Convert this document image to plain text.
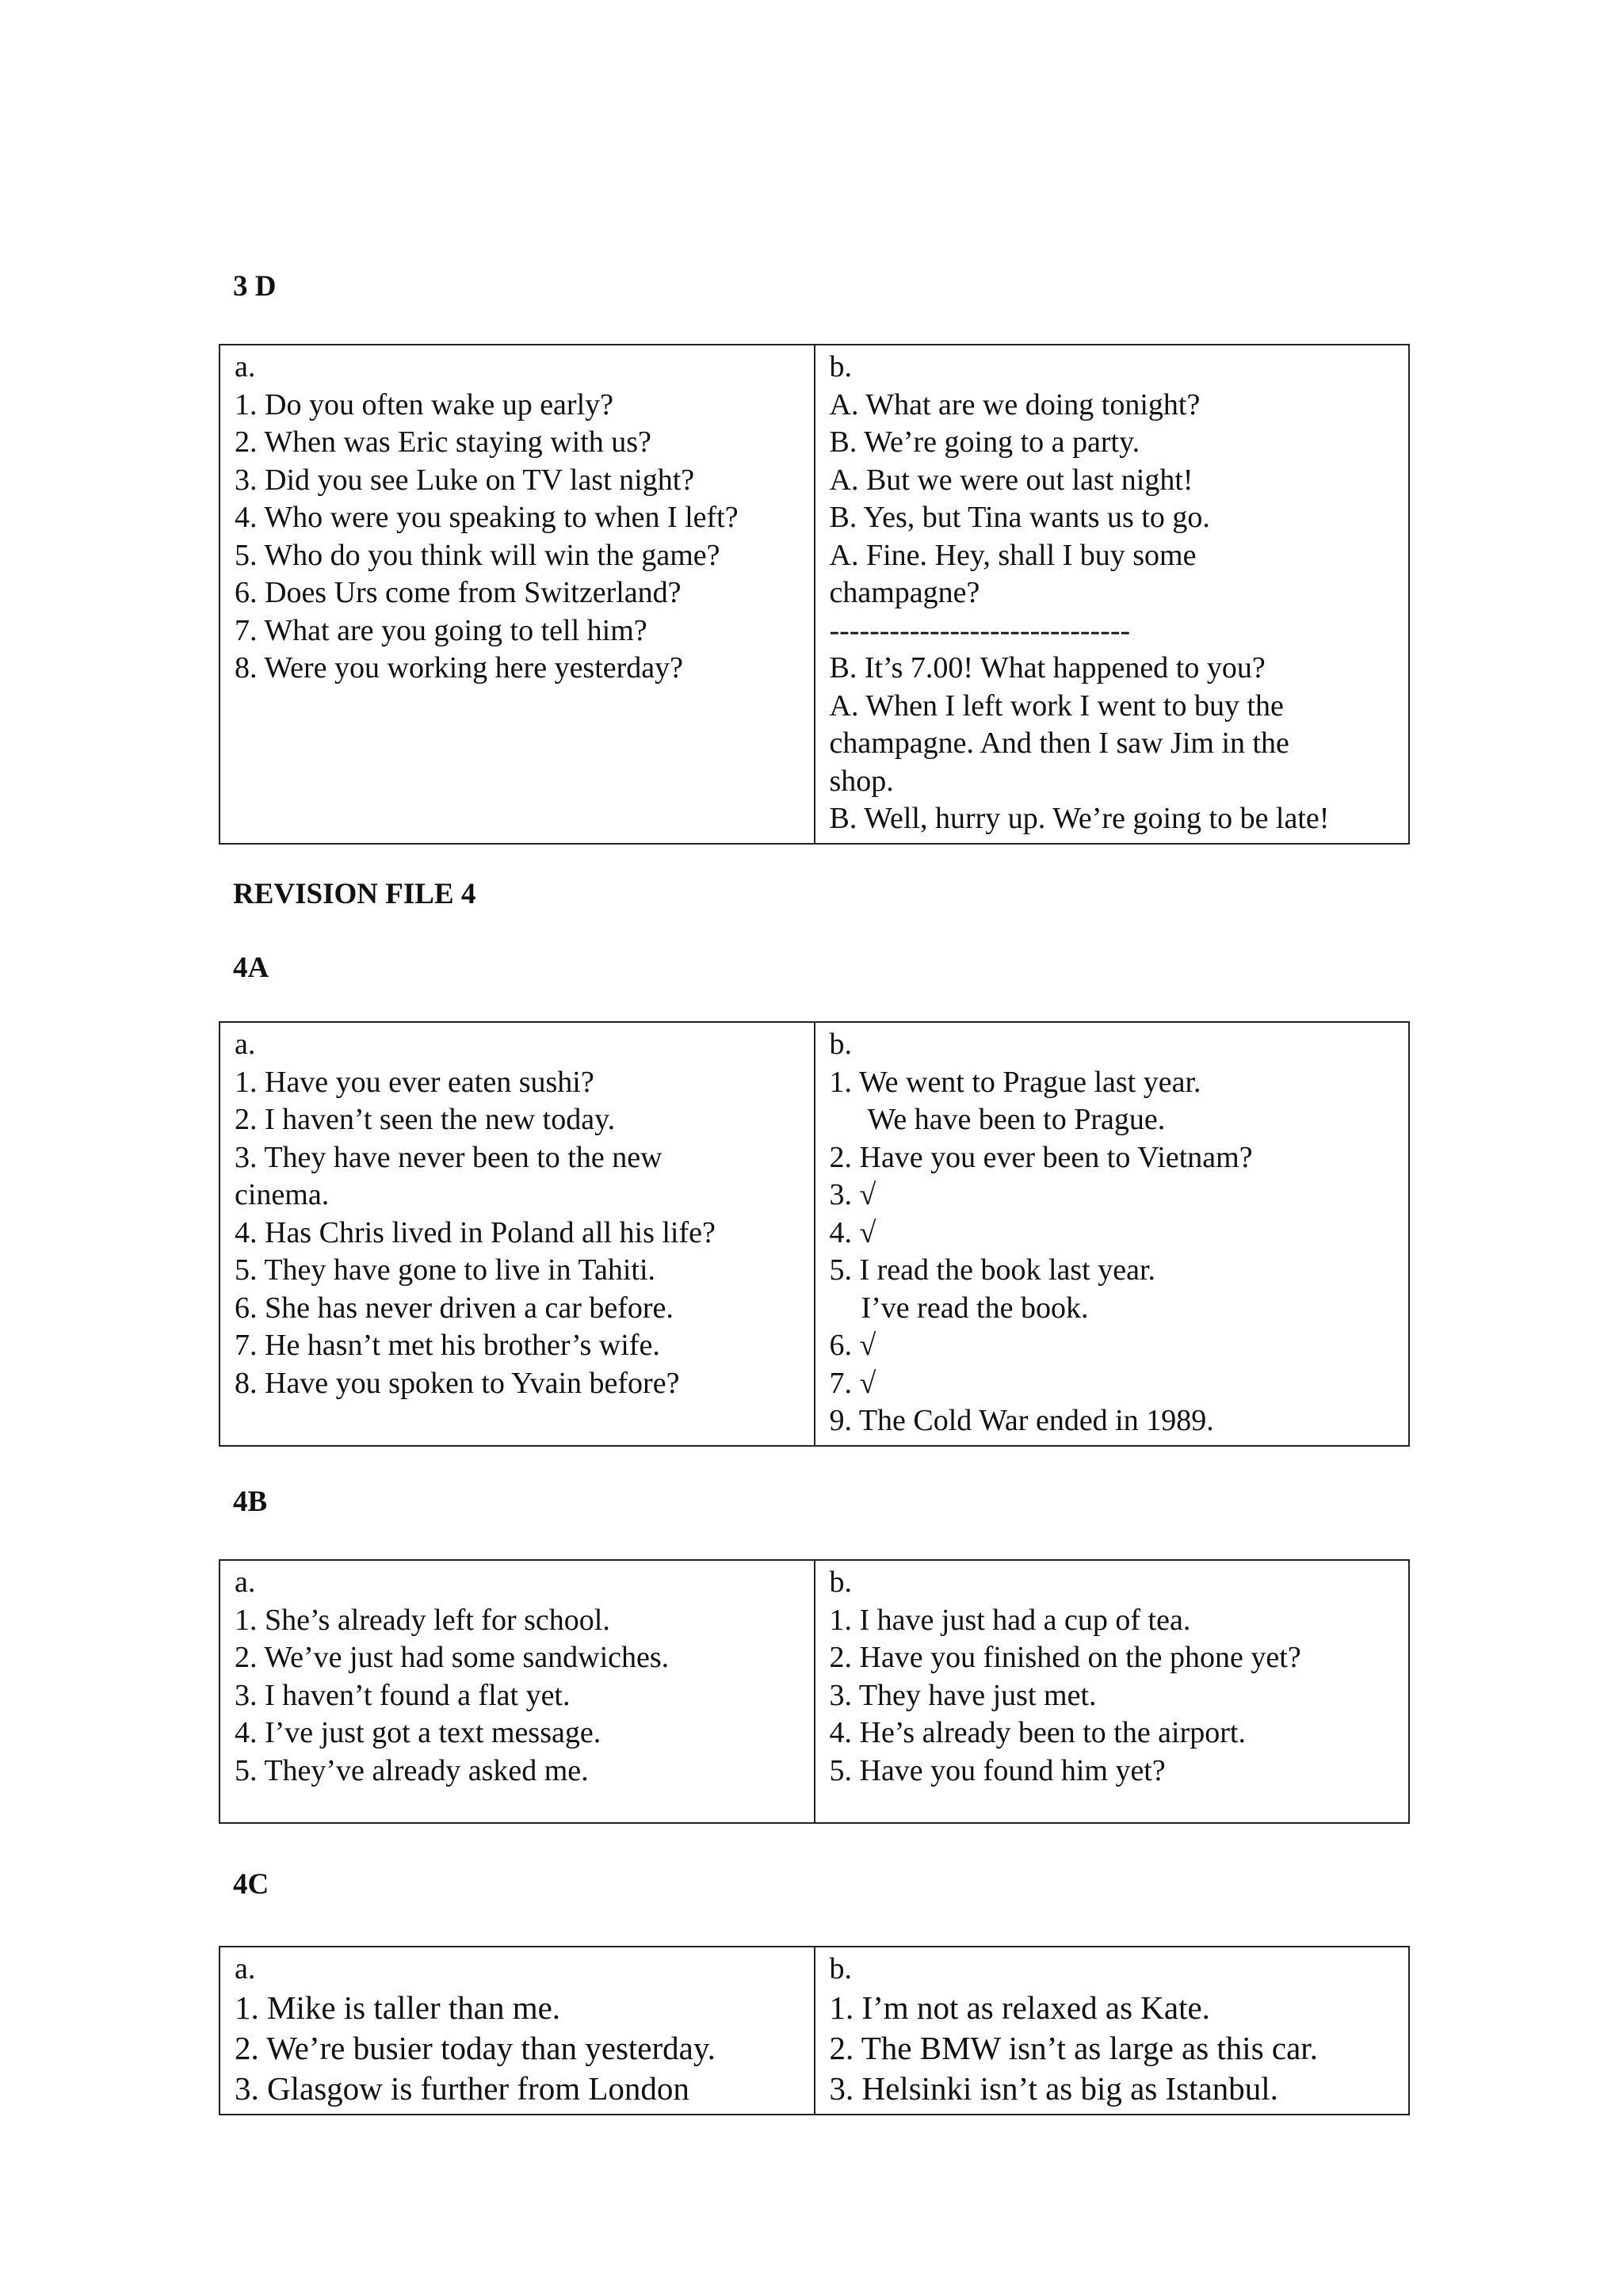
3 D
a.
1. Do you often wake up early?
2. When was Eric staying with us?
3. Did you see Luke on TV last night?
4. Who were you speaking to when I left?
5. Who do you think will win the game?
6. Does Urs come from Switzerland?
7. What are you going to tell him?
8. Were you working here yesterday?

b.
A. What are we doing tonight?
B. We’re going to a party.
A. But we were out last night!
B. Yes, but Tina wants us to go.
A. Fine. Hey, shall I buy some
champagne?
------------------------------
B. It’s 7.00! What happened to you?
A. When I left work I went to buy the
champagne. And then I saw Jim in the
shop.
B. Well, hurry up. We’re going to be late!
REVISION FILE 4
4A
a.
1. Have you ever eaten sushi?
2. I haven’t seen the new today.
3. They have never been to the new
cinema.
4. Has Chris lived in Poland all his life?
5. They have gone to live in Tahiti.
6. She has never driven a car before.
7. He hasn’t met his brother’s wife.
8. Have you spoken to Yvain before?

b.
1. We went to Prague last year.
We have been to Prague.
2. Have you ever been to Vietnam?
3. √
4. √
5. I read the book last year.
I’ve read the book.
6. √
7. √
9. The Cold War ended in 1989.
4B
a.
1. She’s already left for school.
2. We’ve just had some sandwiches.
3. I haven’t found a flat yet.
4. I’ve just got a text message.
5. They’ve already asked me.

b.
1. I have just had a cup of tea.
2. Have you finished on the phone yet?
3. They have just met.
4. He’s already been to the airport.
5. Have you found him yet?
4C
a.
1. Mike is taller than me.
2. We’re busier today than yesterday.
3. Glasgow is further from London

b.
1. I’m not as relaxed as Kate.
2. The BMW isn’t as large as this car.
3. Helsinki isn’t as big as Istanbul.
